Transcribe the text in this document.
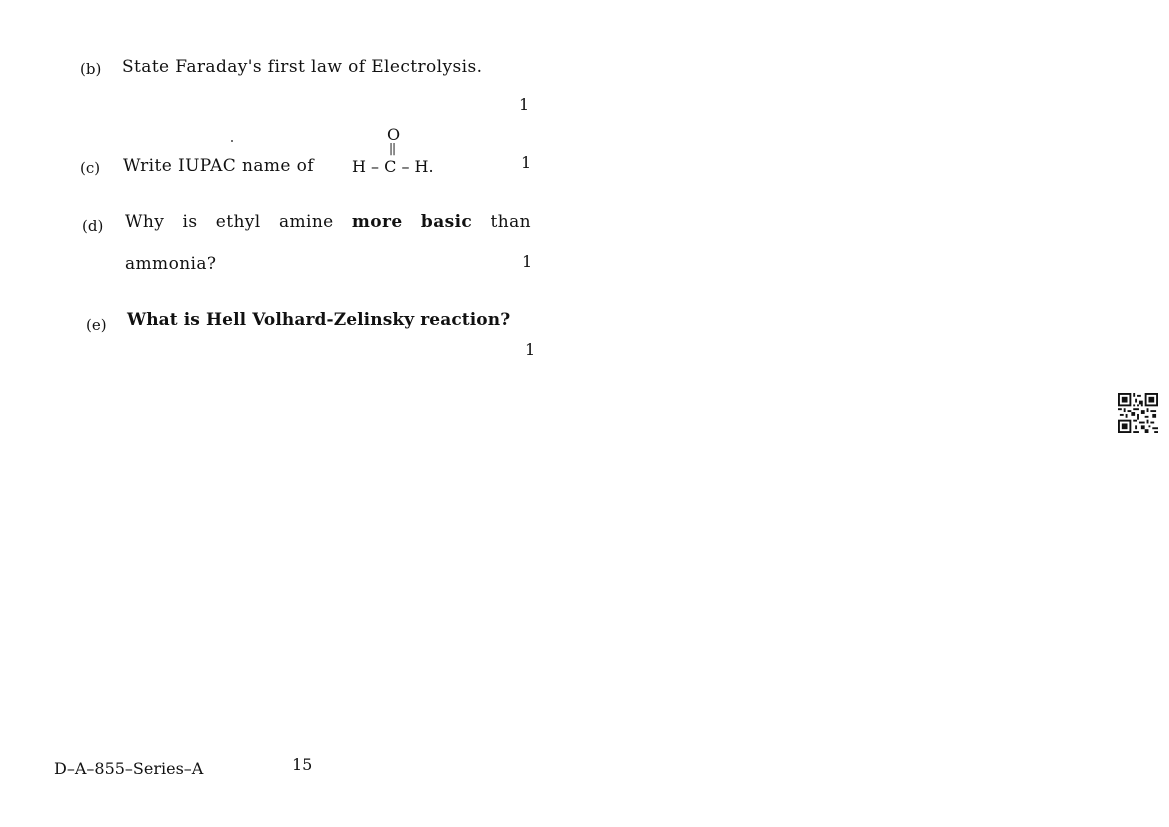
(b) State Faraday's first law of Electrolysis.
1
(c) Write IUPAC name of
O
||
H – C – H.	1
(d) Why is ethyl amine more basic than
ammonia?	1
(e) What is Hell Volhard-Zelinsky reaction?
1
D–A–855–Series–A	15
